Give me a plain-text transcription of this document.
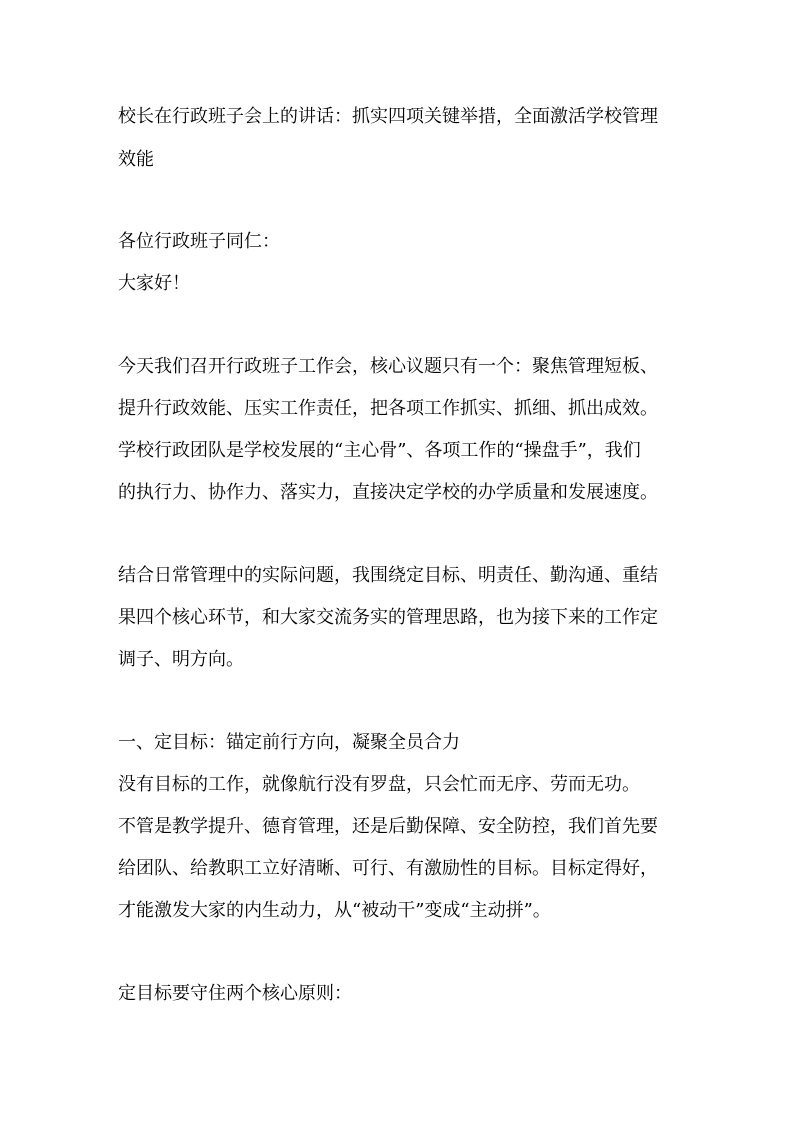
校长在行政班子会上的讲话：抓实四项关键举措，全面激活学校管理
效能
各位行政班子同仁：
大家好！
今天我们召开行政班子工作会，核心议题只有一个：聚焦管理短板、
提升行政效能、压实工作责任，把各项工作抓实、抓细、抓出成效。
学校行政团队是学校发展的“主心骨”、各项工作的“操盘手”，我们
的执行力、协作力、落实力，直接决定学校的办学质量和发展速度。
结合日常管理中的实际问题，我围绕定目标、明责任、勤沟通、重结
果四个核心环节，和大家交流务实的管理思路，也为接下来的工作定
调子、明方向。
一、定目标：锚定前行方向，凝聚全员合力
没有目标的工作，就像航行没有罗盘，只会忙而无序、劳而无功。
不管是教学提升、德育管理，还是后勤保障、安全防控，我们首先要
给团队、给教职工立好清晰、可行、有激励性的目标。目标定得好，
才能激发大家的内生动力，从“被动干”变成“主动拼”。
定目标要守住两个核心原则：
